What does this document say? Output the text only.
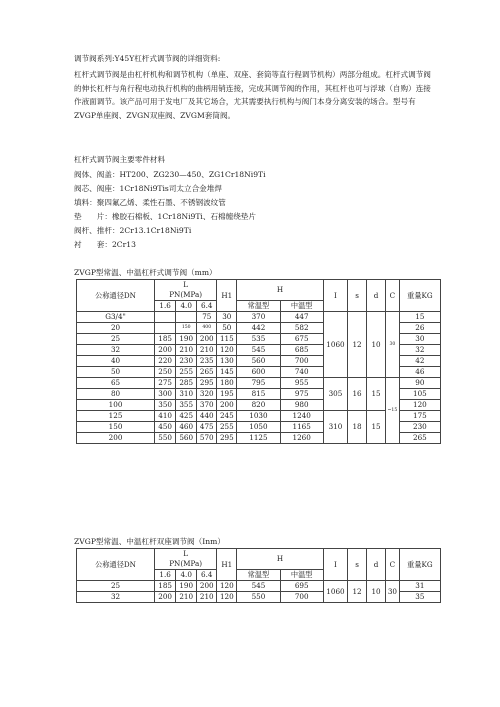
调节阀系列:Y45Y杠杆式调节阀的详细资料:
杠杆式调节阀是由杠杆机构和调节机构（单座、双座、套筒等直行程调节机构）两部分组成。杠杆式调节阀的伸长杠杆与角行程电动执行机构的曲柄用销连接，完成其调节阀的作用，其杠杆也可与浮球（自购）连接作液面调节。该产品可用于发电厂及其它场合，尤其需要执行机构与阀门本身分离安装的场合。型号有ZVGP单座阀、ZVGN双座阀、ZVGM套筒阀。
杠杆式调节阀主要零件材料
阀体、阀盖：HT200、ZG230—450、ZG1Cr18Ni9Ti
阀芯、阀座：1Cr18Ni9Tis司太立合金堆焊
填料：聚四氟乙烯、柔性石墨、不锈钢波纹管
垫　　片：橡胶石棉板、1Cr18Ni9Ti、石棉缠绕垫片
阀杆、推杆：2Cr13.1Cr18Ni9Ti
衬　　套：2Cr13
ZVGP型常温、中温杠杆式调节阀（mm）
公称通径DN	L			H1	H		I	s	d	C	重量KG
	PN(MPa)										
	1.6	4.0	6.4		常温型	中温型					
G3/4"			75	30	370	447	1060	12	10	30	15
20		150	400	50	442	582					26
25	185	190	200	115	535	675					30
32	200	210	210	120	545	685					32
40	220	230	235	130	560	700					42
50	250	255	265	145	600	740					46
65	275	285	295	180	795	955	305	16	15	~15	90
80	300	310	320	195	815	975					105
100	350	355	370	200	820	980					120
125	410	425	440	245	1030	1240	310	18	15		175
150	450	460	475	255	1050	1165					230
200	550	560	570	295	1125	1260					265
ZVGP型常温、中温杠杆双座调节阀（Inm）
公称通径DN	L			H1	H		I	s	d	C	重量KG
	PN(MPa)										
	1.6	4.0	6.4		常温型	中温型					
25	185	190	200	120	545	695	1060	12	10	30	31
32	200	210	210	120	550	700					35
